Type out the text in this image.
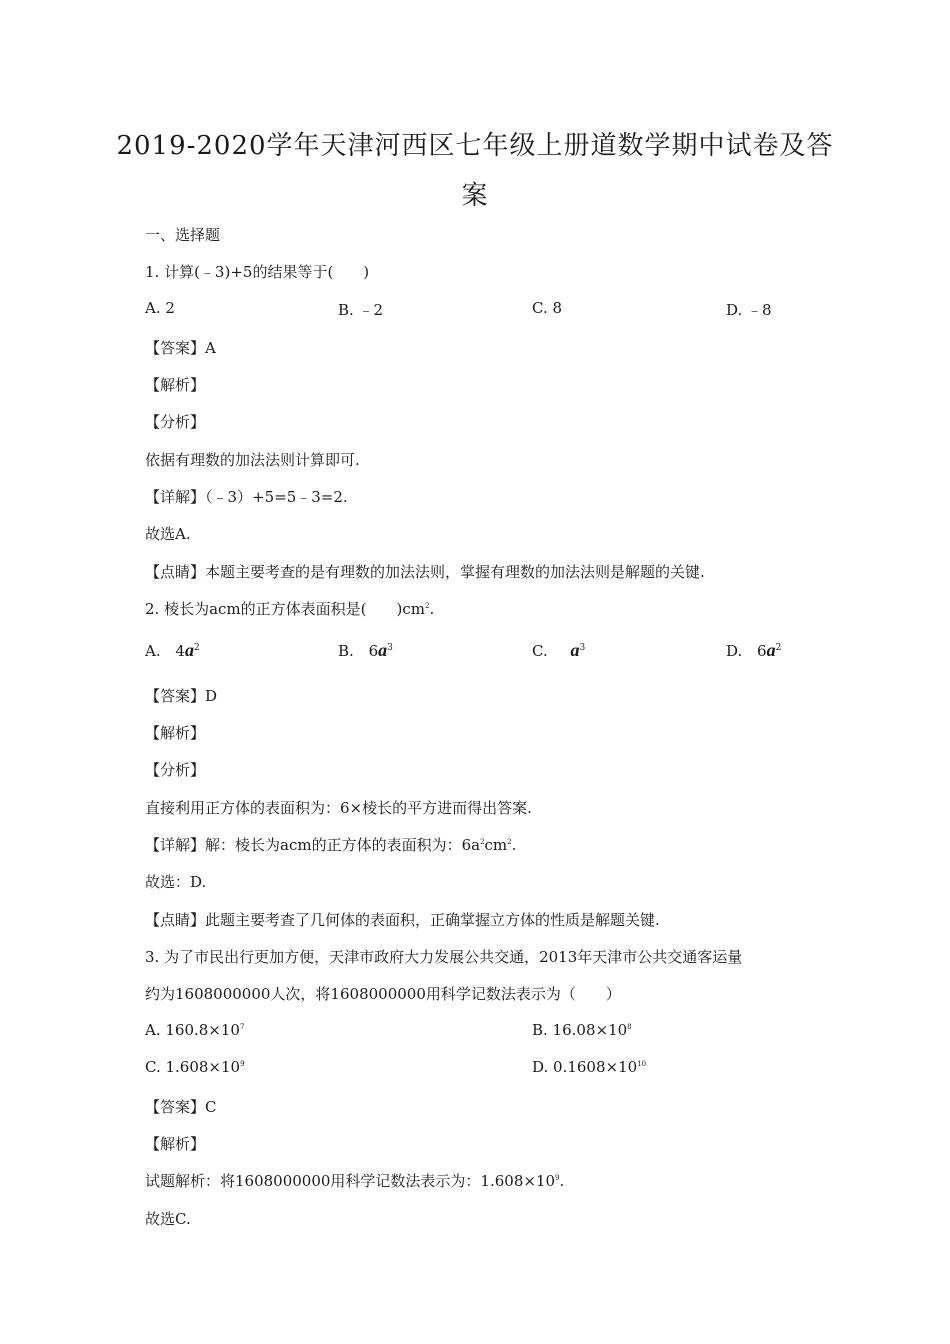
2019-2020学年天津河西区七年级上册道数学期中试卷及答
案
一、选择题
1. 计算(﹣3)+5的结果等于(　　)
A. 2	B. ﹣2	C. 8	D. ﹣8
【答案】A
【解析】
【分析】
依据有理数的加法法则计算即可.
【详解】（﹣3）+5=5﹣3=2.
故选A.
【点睛】本题主要考查的是有理数的加法法则，掌握有理数的加法法则是解题的关键.
2. 棱长为acm的正方体表面积是(　　)$cm^2$.
A. $4a^2$	B. $6a^3$	C. $a^3$	D. $6a^2$
【答案】D
【解析】
【分析】
直接利用正方体的表面积为：6×棱长的平方进而得出答案.
【详解】解：棱长为acm的正方体的表面积为：$6a^2cm^2$.
故选：D.
【点睛】此题主要考查了几何体的表面积，正确掌握立方体的性质是解题关键.
3. 为了市民出行更加方便，天津市政府大力发展公共交通，2013年天津市公共交通客运量
约为1608000000人次，将1608000000用科学记数法表示为（　　）
A. $160.8\times 10^7$	B. $16.08\times 10^8$
C. $1.608\times 10^9$	D. $0.1608\times 10^{10}$
【答案】C
【解析】
试题解析：将1608000000用科学记数法表示为：$1.608\times 10^9$.
故选C.
